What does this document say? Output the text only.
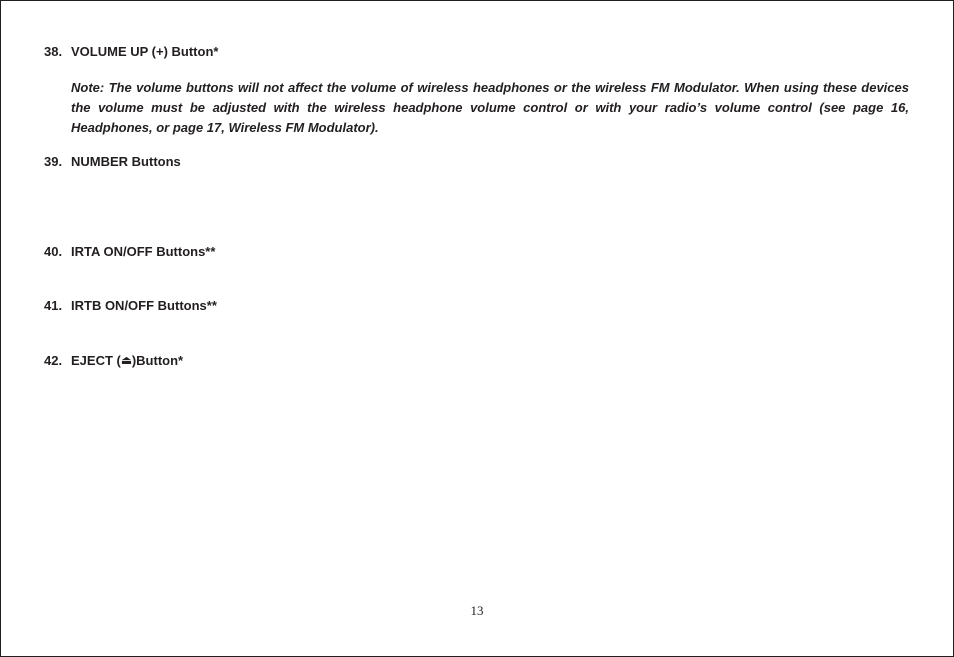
38. VOLUME UP (+) Button*
Note: The volume buttons will not affect the volume of wireless headphones or the wireless FM Modulator. When using these devices the volume must be adjusted with the wireless headphone volume control or with your radio’s volume control (see page 16, Headphones, or page 17, Wireless FM Modulator).
39. NUMBER Buttons
40. IRTA ON/OFF Buttons**
41. IRTB ON/OFF Buttons**
42. EJECT (⏏)Button*
13
